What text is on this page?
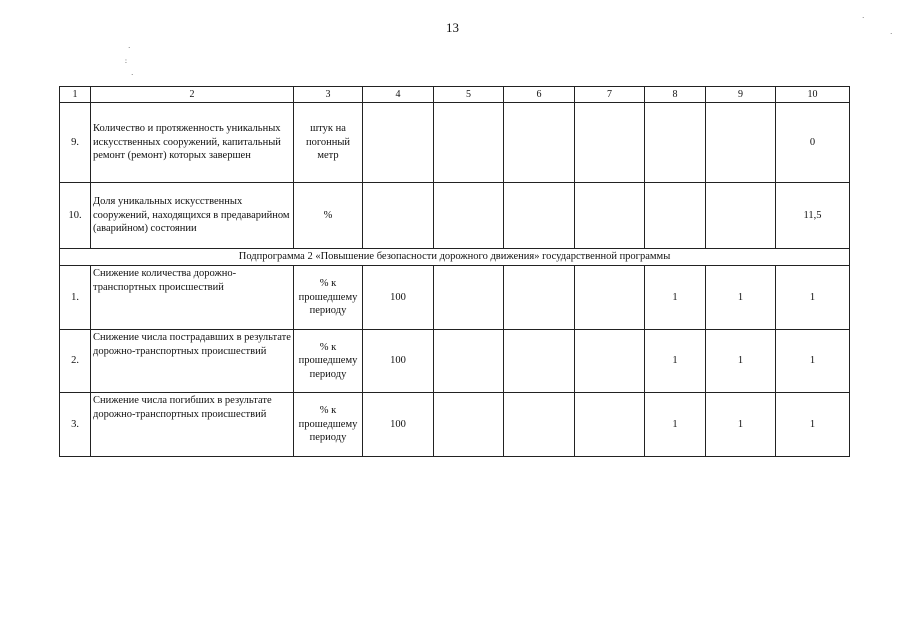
13
·
:
·
·
·
1	2	3	4	5	6	7	8	9	10
9.	Количество и протяженность уникальных искусственных сооружений, капитальный ремонт (ремонт) которых завершен	штук на погонный метр							0
10.	Доля уникальных искусственных сооружений, находящихся в предаварийном (аварийном) состоянии	%							11,5
Подпрограмма 2 «Повышение безопасности дорожного движения» государственной программы									
1.	Снижение количества дорожно-транспортных происшествий	% к прошедшему периоду	100				1	1	1
2.	Снижение числа пострадавших в результате дорожно-транспортных происшествий	% к прошедшему периоду	100				1	1	1
3.	Снижение числа погибших в результате дорожно-транспортных происшествий	% к прошедшему периоду	100				1	1	1
